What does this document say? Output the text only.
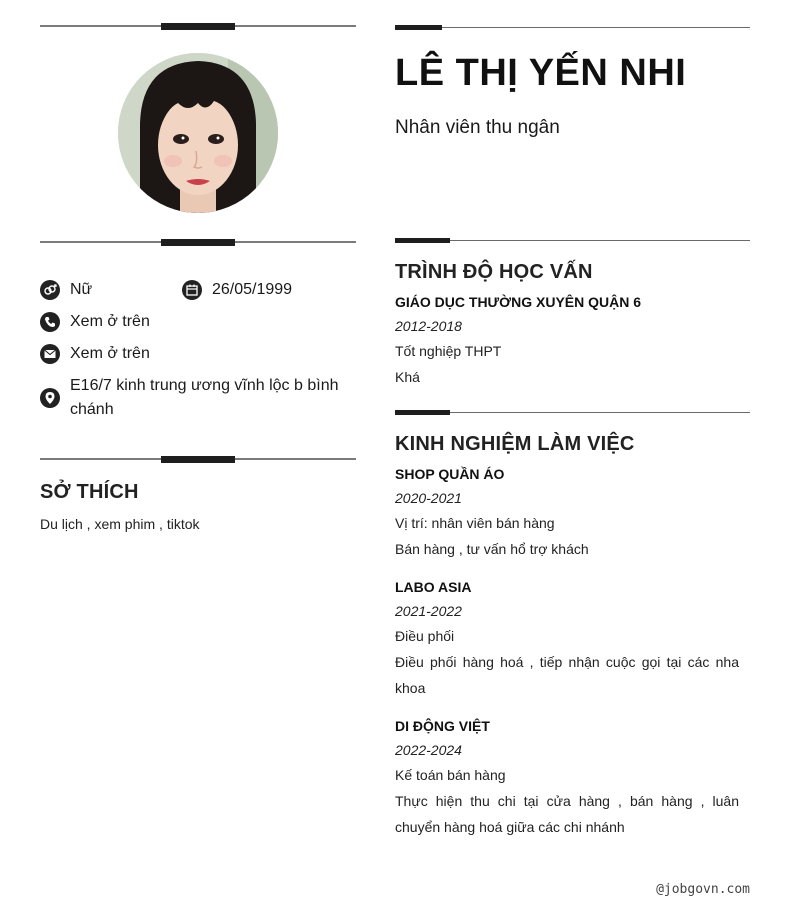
Nữ	26/05/1999
Xem ở trên
Xem ở trên
E16/7 kinh trung ương vĩnh lộc b bình chánh
SỞ THÍCH
Du lịch , xem phim , tiktok
LÊ THỊ YẾN NHI
Nhân viên thu ngân
TRÌNH ĐỘ HỌC VẤN
GIÁO DỤC THƯỜNG XUYÊN QUẬN 6
2012-2018
Tốt nghiệp THPT
Khá
KINH NGHIỆM LÀM VIỆC
SHOP QUẦN ÁO
2020-2021
Vị trí: nhân viên bán hàng
Bán hàng , tư vấn hổ trợ khách
LABO ASIA
2021-2022
Điều phối
Điều phối hàng hoá , tiếp nhận cuộc gọi tại các nha khoa
DI ĐỘNG VIỆT
2022-2024
Kế toán bán hàng
Thực hiện thu chi tại cửa hàng , bán hàng , luân chuyển hàng hoá giữa các chi nhánh
@jobgovn.com
